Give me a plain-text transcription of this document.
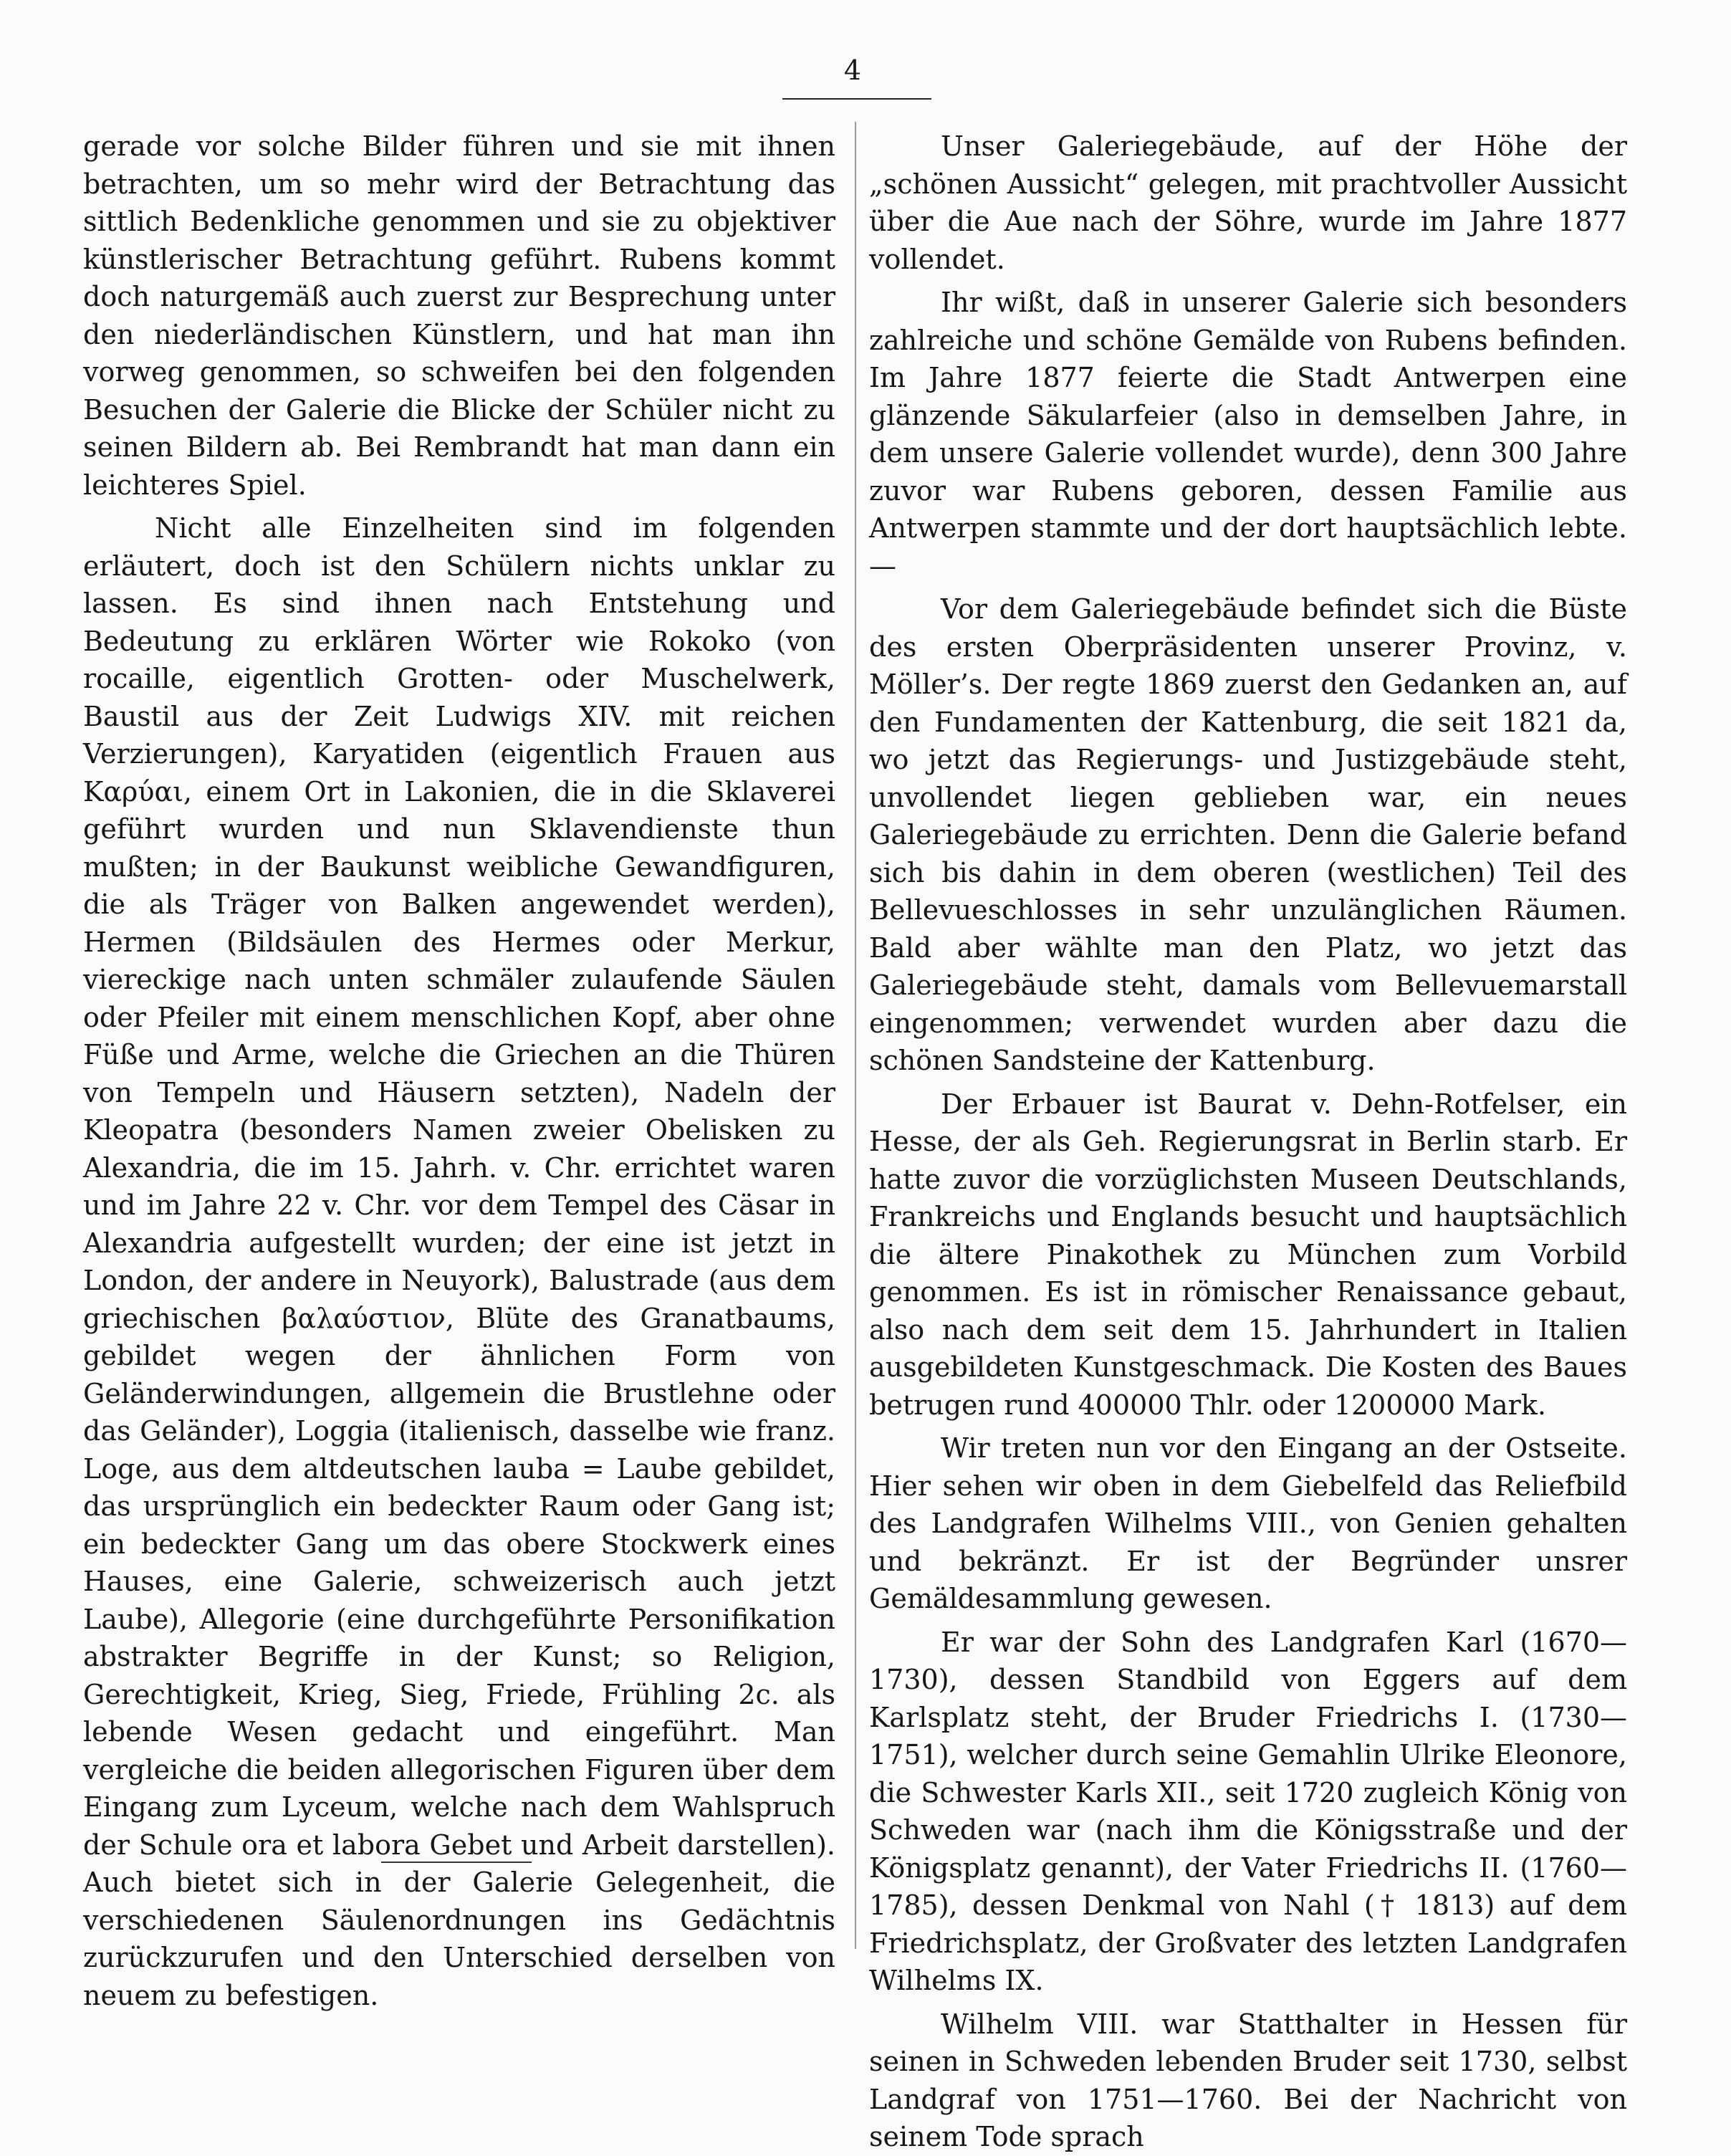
4

gerade vor solche Bilder führen und sie mit ihnen betrachten, um so mehr wird der Betrachtung das sittlich Bedenkliche genommen und sie zu objektiver künstlerischer Betrachtung geführt. Rubens kommt doch naturgemäß auch zuerst zur Besprechung unter den niederländischen Künstlern, und hat man ihn vorweg genommen, so schweifen bei den folgenden Besuchen der Galerie die Blicke der Schüler nicht zu seinen Bildern ab. Bei Rembrandt hat man dann ein leichteres Spiel.

Nicht alle Einzelheiten sind im folgenden erläutert, doch ist den Schülern nichts unklar zu lassen. Es sind ihnen nach Entstehung und Bedeutung zu erklären Wörter wie Rokoko (von rocaille, eigentlich Grotten- oder Muschelwerk, Baustil aus der Zeit Ludwigs XIV. mit reichen Verzierungen), Karyatiden (eigentlich Frauen aus Καρύαι, einem Ort in Lakonien, die in die Sklaverei geführt wurden und nun Sklavendienste thun mußten; in der Baukunst weibliche Gewandfiguren, die als Träger von Balken angewendet werden), Hermen (Bildsäulen des Hermes oder Merkur, viereckige nach unten schmäler zulaufende Säulen oder Pfeiler mit einem menschlichen Kopf, aber ohne Füße und Arme, welche die Griechen an die Thüren von Tempeln und Häusern setzten), Nadeln der Kleopatra (besonders Namen zweier Obelisken zu Alexandria, die im 15. Jahrh. v. Chr. errichtet waren und im Jahre 22 v. Chr. vor dem Tempel des Cäsar in Alexandria aufgestellt wurden; der eine ist jetzt in London, der andere in Neuyork), Balustrade (aus dem griechischen βαλαύστιον, Blüte des Granatbaums, gebildet wegen der ähnlichen Form von Geländerwindungen, allgemein die Brustlehne oder das Geländer), Loggia (italienisch, dasselbe wie franz. Loge, aus dem altdeutschen lauba = Laube gebildet, das ursprünglich ein bedeckter Raum oder Gang ist; ein bedeckter Gang um das obere Stockwerk eines Hauses, eine Galerie, schweizerisch auch jetzt Laube), Allegorie (eine durchgeführte Personifikation abstrakter Begriffe in der Kunst; so Religion, Gerechtigkeit, Krieg, Sieg, Friede, Frühling 2c. als lebende Wesen gedacht und eingeführt. Man vergleiche die beiden allegorischen Figuren über dem Eingang zum Lyceum, welche nach dem Wahlspruch der Schule ora et labora Gebet und Arbeit darstellen). Auch bietet sich in der Galerie Gelegenheit, die verschiedenen Säulenordnungen ins Gedächtnis zurückzurufen und den Unterschied derselben von neuem zu befestigen.

Unser Galeriegebäude, auf der Höhe der „schönen Aussicht“ gelegen, mit prachtvoller Aussicht über die Aue nach der Söhre, wurde im Jahre 1877 vollendet.

Ihr wißt, daß in unserer Galerie sich besonders zahlreiche und schöne Gemälde von Rubens befinden. Im Jahre 1877 feierte die Stadt Antwerpen eine glänzende Säkularfeier (also in demselben Jahre, in dem unsere Galerie vollendet wurde), denn 300 Jahre zuvor war Rubens geboren, dessen Familie aus Antwerpen stammte und der dort hauptsächlich lebte. —

Vor dem Galeriegebäude befindet sich die Büste des ersten Oberpräsidenten unserer Provinz, v. Möller’s. Der regte 1869 zuerst den Gedanken an, auf den Fundamenten der Kattenburg, die seit 1821 da, wo jetzt das Regierungs- und Justizgebäude steht, unvollendet liegen geblieben war, ein neues Galeriegebäude zu errichten. Denn die Galerie befand sich bis dahin in dem oberen (westlichen) Teil des Bellevueschlosses in sehr unzulänglichen Räumen. Bald aber wählte man den Platz, wo jetzt das Galeriegebäude steht, damals vom Bellevuemarstall eingenommen; verwendet wurden aber dazu die schönen Sandsteine der Kattenburg.

Der Erbauer ist Baurat v. Dehn-Rotfelser, ein Hesse, der als Geh. Regierungsrat in Berlin starb. Er hatte zuvor die vorzüglichsten Museen Deutschlands, Frankreichs und Englands besucht und hauptsächlich die ältere Pinakothek zu München zum Vorbild genommen. Es ist in römischer Renaissance gebaut, also nach dem seit dem 15. Jahrhundert in Italien ausgebildeten Kunstgeschmack. Die Kosten des Baues betrugen rund 400000 Thlr. oder 1200000 Mark.

Wir treten nun vor den Eingang an der Ostseite. Hier sehen wir oben in dem Giebelfeld das Reliefbild des Landgrafen Wilhelms VIII., von Genien gehalten und bekränzt. Er ist der Begründer unsrer Gemäldesammlung gewesen.

Er war der Sohn des Landgrafen Karl (1670—1730), dessen Standbild von Eggers auf dem Karlsplatz steht, der Bruder Friedrichs I. (1730—1751), welcher durch seine Gemahlin Ulrike Eleonore, die Schwester Karls XII., seit 1720 zugleich König von Schweden war (nach ihm die Königsstraße und der Königsplatz genannt), der Vater Friedrichs II. (1760—1785), dessen Denkmal von Nahl († 1813) auf dem Friedrichsplatz, der Großvater des letzten Landgrafen Wilhelms IX.

Wilhelm VIII. war Statthalter in Hessen für seinen in Schweden lebenden Bruder seit 1730, selbst Landgraf von 1751—1760. Bei der Nachricht von seinem Tode sprach
